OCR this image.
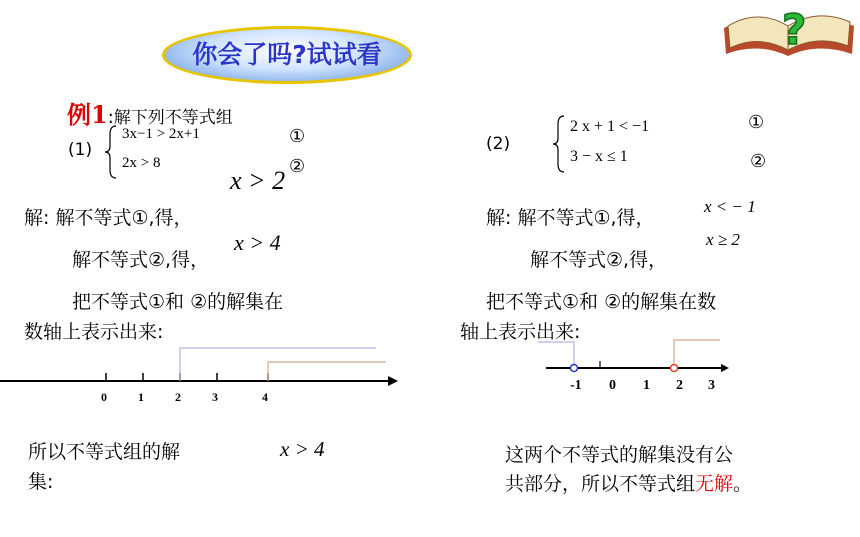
你会了吗?试试看
?
例1:解下列不等式组
(1)
3x−1 > 2x+1
2x > 8
①
②
x > 2
解: 解不等式①,得，
x > 4
解不等式②,得，
把不等式①和 ②的解集在
数轴上表示出来:
0	1	2	3	4
所以不等式组的解
集:
x > 4
(2)
2 x + 1 < −1
3 − x ≤ 1
①
②
解: 解不等式①,得，
x < − 1
解不等式②,得，
x ≥ 2
把不等式①和 ②的解集在数
轴上表示出来:
-1 0 1 2 3
这两个不等式的解集没有公
共部分，所以不等式组无解。
